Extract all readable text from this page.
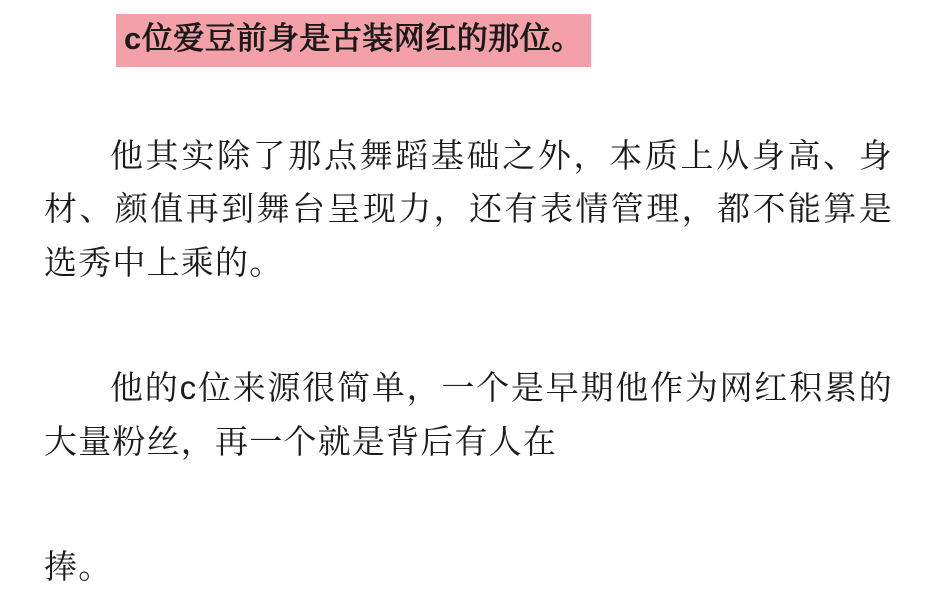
c位爱豆前身是古装网红的那位。

他其实除了那点舞蹈基础之外，本质上从身高、身材、颜值再到舞台呈现力，还有表情管理，都不能算是选秀中上乘的。

他的c位来源很简单，一个是早期他作为网红积累的大量粉丝，再一个就是背后有人在

捧。
